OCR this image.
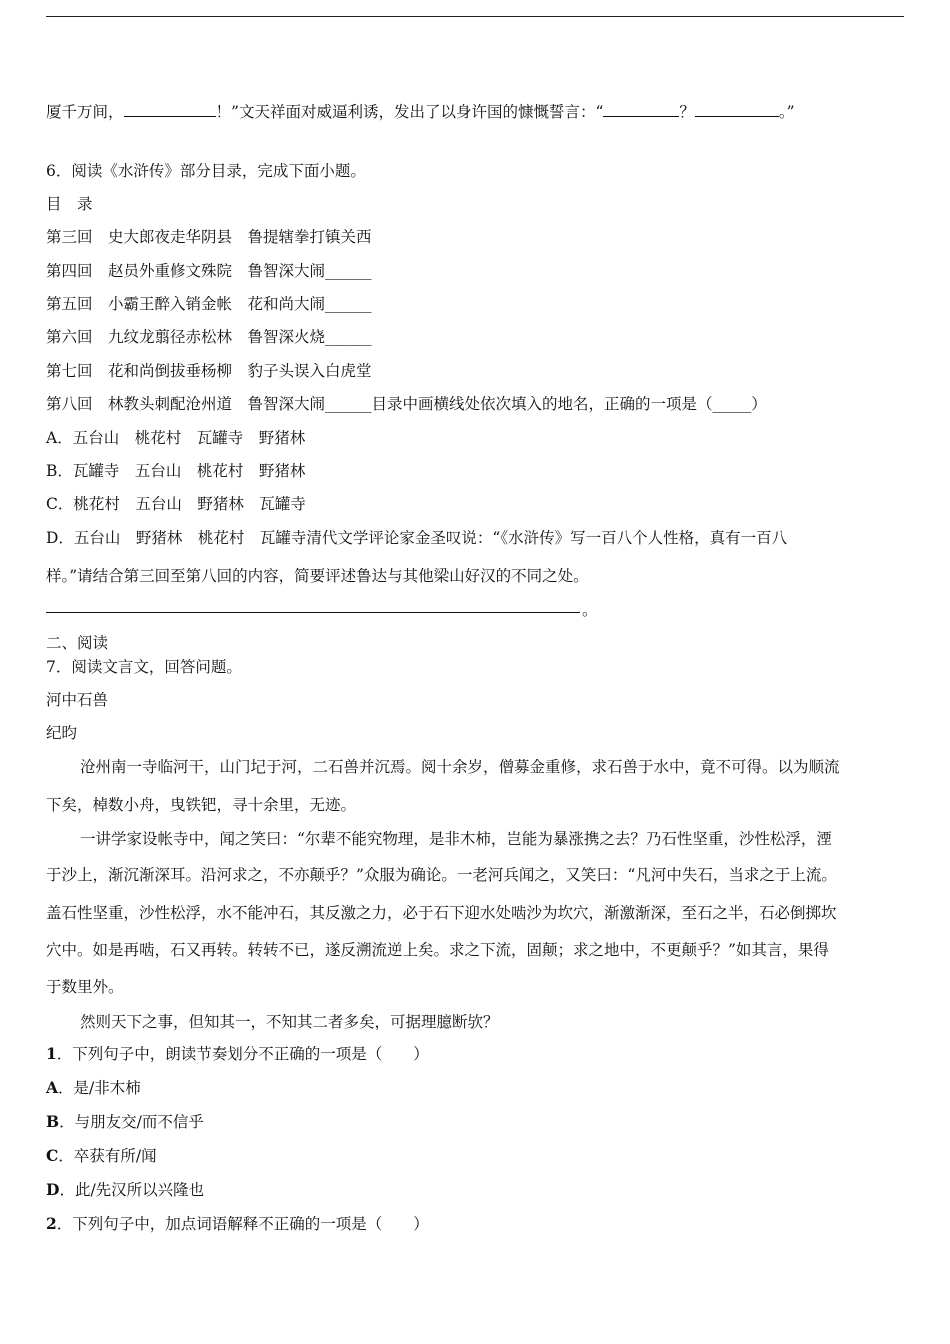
厦千万间，	！”文天祥面对威逼利诱，发出了以身许国的慷慨誓言：“	？	。”
6．阅读《水浒传》部分目录，完成下面小题。
目　录
第三回　史大郎夜走华阴县　鲁提辖拳打镇关西
第四回　赵员外重修文殊院　鲁智深大闹______
第五回　小霸王醉入销金帐　花和尚大闹______
第六回　九纹龙翦径赤松林　鲁智深火烧______
第七回　花和尚倒拔垂杨柳　豹子头误入白虎堂
第八回　林教头刺配沧州道　鲁智深大闹______目录中画横线处依次填入的地名，正确的一项是（_____）
A．五台山　桃花村　瓦罐寺　野猪林
B．瓦罐寺　五台山　桃花村　野猪林
C．桃花村　五台山　野猪林　瓦罐寺
D．五台山　野猪林　桃花村　瓦罐寺清代文学评论家金圣叹说：“《水浒传》写一百八个人性格，真有一百八
样。”请结合第三回至第八回的内容，简要评述鲁达与其他梁山好汉的不同之处。
。
二、阅读
7．阅读文言文，回答问题。
河中石兽
纪昀
沧州南一寺临河干，山门圮于河，二石兽并沉焉。阅十余岁，僧募金重修，求石兽于水中，竟不可得。以为顺流
下矣，棹数小舟，曳铁钯，寻十余里，无迹。
一讲学家设帐寺中，闻之笑曰：“尔辈不能究物理，是非木柿，岂能为暴涨携之去？乃石性坚重，沙性松浮，湮
于沙上，渐沉渐深耳。沿河求之，不亦颠乎？”众服为确论。一老河兵闻之，又笑曰：“凡河中失石，当求之于上流。
盖石性坚重，沙性松浮，水不能冲石，其反激之力，必于石下迎水处啮沙为坎穴，渐激渐深，至石之半，石必倒掷坎
穴中。如是再啮，石又再转。转转不已，遂反溯流逆上矣。求之下流，固颠；求之地中，不更颠乎？”如其言，果得
于数里外。
然则天下之事，但知其一，不知其二者多矣，可据理臆断欤？
1．下列句子中，朗读节奏划分不正确的一项是（　　）
A．是/非木柿
B．与朋友交/而不信乎
C．卒获有所/闻
D．此/先汉所以兴隆也
2．下列句子中，加点词语解释不正确的一项是（　　）
